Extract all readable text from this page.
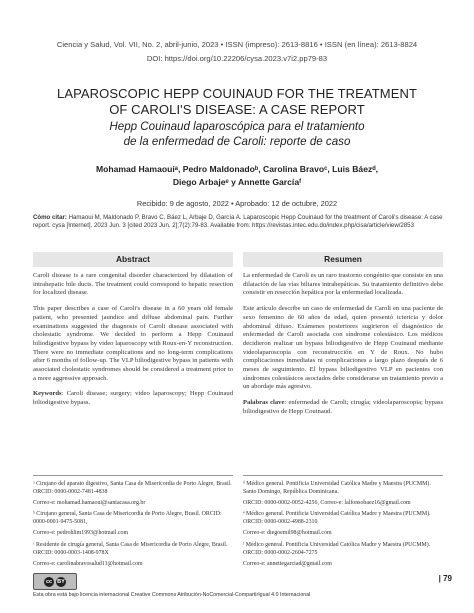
Ciencia y Salud, Vol. VII, No. 2, abril-junio, 2023 • ISSN (impreso): 2613-8816 • ISSN (en línea): 2613-8824
DOI: https://doi.org/10.22206/cysa.2023.v7i2.pp79-83
LAPAROSCOPIC HEPP COUINAUD FOR THE TREATMENT
OF CAROLI'S DISEASE: A CASE REPORT
Hepp Couinaud laparoscópica para el tratamiento
de la enfermedad de Caroli: reporte de caso
Mohamad Hamaouiᵃ, Pedro Maldonadoᵇ, Carolina Bravoᶜ, Luis Báezᵈ,
Diego Arbajeᵉ y Annette Garcíaᶠ
Recibido: 9 de agosto, 2022 • Aprobado: 12 de octubre, 2022
Cómo citar: Hamaoui M, Maldonado P, Bravo C, Báez L, Arbaje D, García A. Laparoscopic Hepp Couinaud for the treatment of Caroli's disease: A case report. cysa [Internet]. 2023 Jun. 3 [cited 2023 Jun. 2];7(2):79-83. Available from: https://revistas.intec.edu.do/index.php/cisa/article/view/2853
Abstract

Caroli disease is a rare congenital disorder characterized by dilatation of intrahepatic bile ducts. The treatment could correspond to hepatic resection for localized disease.

This paper describes a case of Caroli's disease in a 60 years old female patient, who presented jaundice and diffuse abdominal pain. Further examinations suggested the diagnosis of Caroli disease associated with cholestatic syndrome. We decided to perform a Hepp Couinaud biliodigestive bypass by video laparoscopy with Roux-en-Y reconstruction. There were no immediate complications and no long-term complications after 6 months of follow-up. The VLP biliodigestive bypass in patients with associated cholestatic syndromes should be considered a treatment prior to a more aggressive approach.

Keywords: Caroli disease; surgery; video laparoscopy; Hepp Couinaud biliodigestive bypass.
Resumen

La enfermedad de Caroli es un raro trastorno congénito que consiste en una dilatación de las vías biliares intrahepáticas. Su tratamiento definitivo debe consistir en resección hepática por la enfermedad localizada.

Este artículo describe un caso de enfermedad de Caroli en una paciente de sexo femenino de 60 años de edad, quien presentó ictericia y dolor abdominal difuso. Exámenes posteriores sugirieron el diagnóstico de enfermedad de Caroli asociada con síndrome colestásico. Los médicos decidieron realizar un bypass biliodigestivo de Hepp Couinaud mediante videolaparoscopia con reconstrucción en Y de Roux. No hubo complicaciones inmediatas ni complicaciones a largo plazo después de 6 meses de seguimiento. El bypass biliodigestivo VLP en pacientes con síndromes colestásicos asociados debe considerarse un tratamiento previo a un abordaje más agresivo.

Palabras clave: enfermedad de Caroli; cirugía; videolaparoscopia; bypass biliodigestivo de Hepp Couinaud.
ᵃ Cirujano del aparato digestivo, Santa Casa de Misericordia de Porto Alegre, Brasil. ORCID: 0000-0002-7481-4838
Correo-e: mohamad.hamaoui@santacasa.org.br
ᵇ Cirujano general, Santa Casa de Misericordia de Porto Alegre, Brasil. ORCID: 0000-0001-9475-5081,
Correo-e: pedrohlim1993@hotmail.com
ᶜ Residente de cirugía general, Santa Casa de Misericordia de Porto Alegre, Brasil. ORCID: 0000-0003-1408-978X
Correo-e: carolinabravosalud11@hotmail.com
ᵈ Médico general. Pontificia Universidad Católica Madre y Maestra (PUCMM). Santo Domingo, República Dominicana.
ORCID: 0000-0002-0052-4256, Correo-e: lalfonsobaez16@gmail.com
ᵉ Médico general. Pontificia Universidad Católica Madre y Maestra (PUCMM). ORCID: 0000-0002-4988-2310
Correo-e: diegoemil98@hotmail.com
ᶠ Médico general. Pontificia Universidad Católica Madre y Maestra (PUCMM). ORCID: 0000-0002-2604-7275
Correo-e: annettegarciad@gmail.com
cc BY
Esta obra está bajo licencia internacional Creative Commons Atribución-NoComercial-CompartirIgual 4.0 Internacional
| 79
